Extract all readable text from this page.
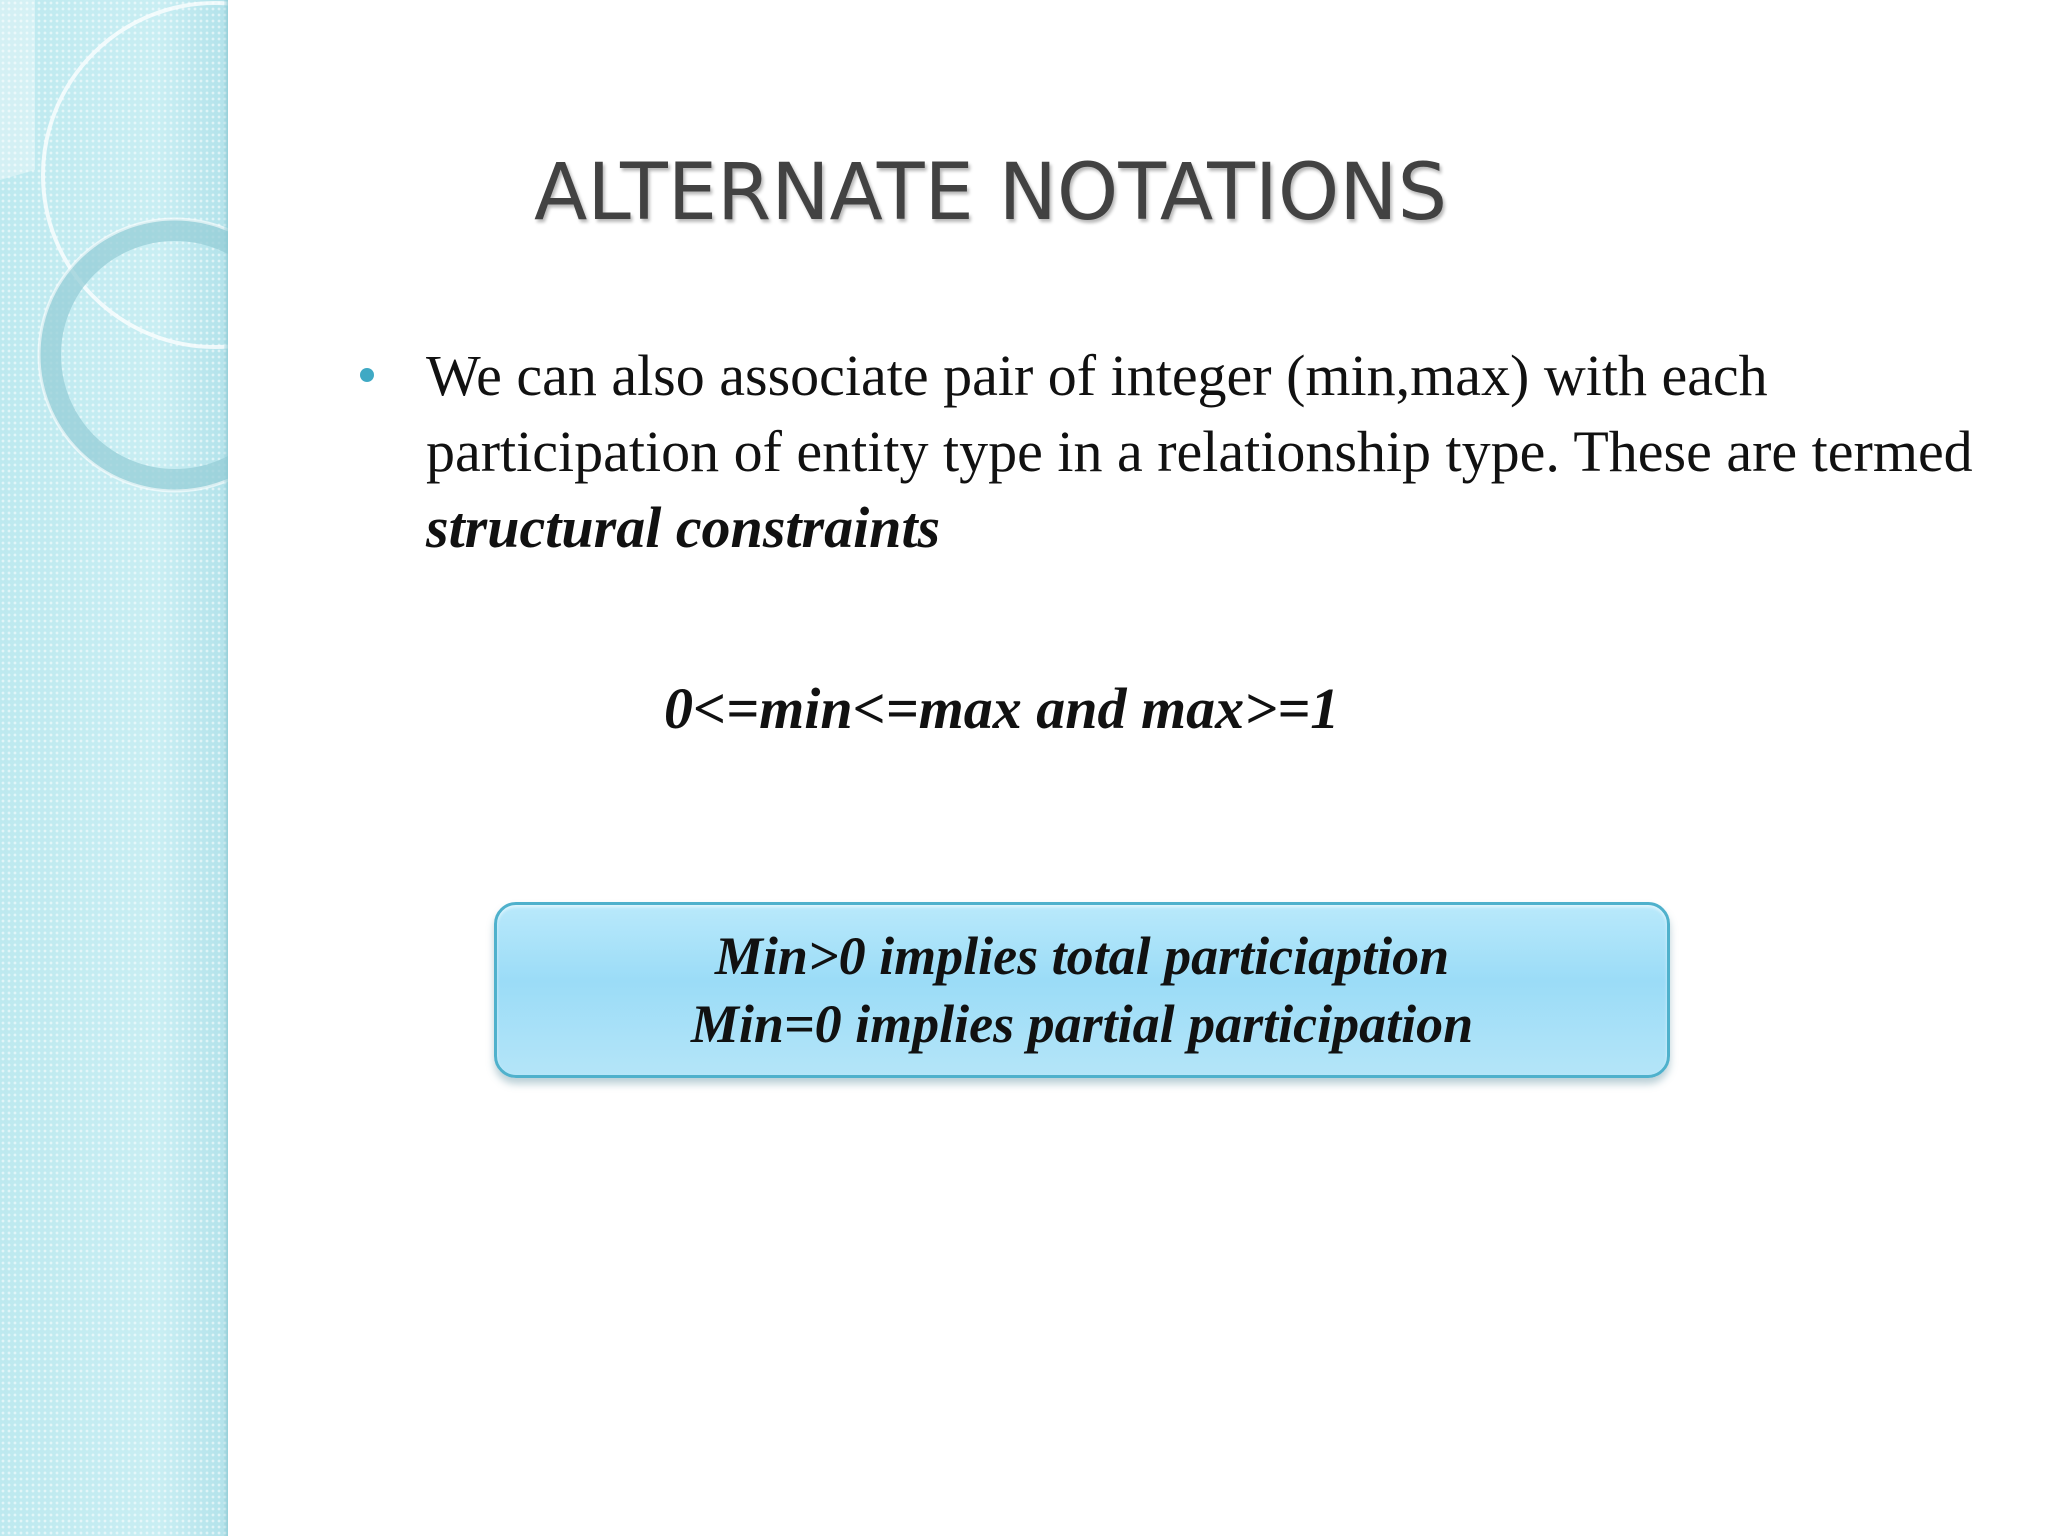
ALTERNATE NOTATIONS
We can also associate pair of integer (min,max) with each participation of entity type in a relationship type. These are termed structural constraints

0<=min<=max and max>=1

Min>0 implies total particiaption
Min=0 implies partial participation
